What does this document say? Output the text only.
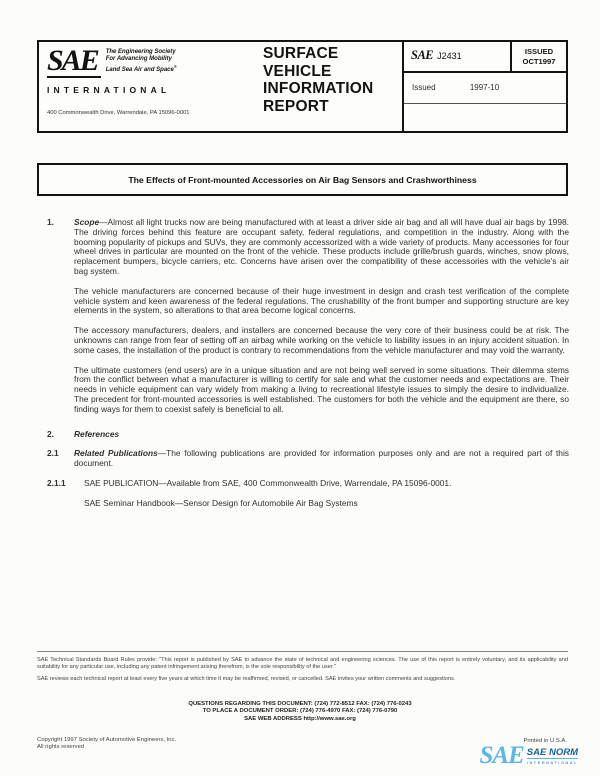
SAE	The Engineering Society
For Advancing Mobility
Land Sea Air and Space®
INTERNATIONAL
400 Commonwealth Drive, Warrendale, PA 15096-0001
SURFACE
VEHICLE
INFORMATION
REPORT
SAE J2431	ISSUED
OCT1997
Issued	1997-10
The Effects of Front-mounted Accessories on Air Bag Sensors and Crashworthiness
1. Scope—Almost all light trucks now are being manufactured with at least a driver side air bag and all will have dual air bags by 1998. The driving forces behind this feature are occupant safety, federal regulations, and competition in the industry. Along with the booming popularity of pickups and SUVs, they are commonly accessorized with a wide variety of products. Many accessories for four wheel drives in particular are mounted on the front of the vehicle. These products include grille/brush guards, winches, snow plows, replacement bumpers, bicycle carriers, etc. Concerns have arisen over the compatibility of these accessories with the vehicle's air bag system.
The vehicle manufacturers are concerned because of their huge investment in design and crash test verification of the complete vehicle system and keen awareness of the federal regulations. The crushability of the front bumper and supporting structure are key elements in the system, so alterations to that area become logical concerns.
The accessory manufacturers, dealers, and installers are concerned because the very core of their business could be at risk. The unknowns can range from fear of setting off an airbag while working on the vehicle to liability issues in an injury accident situation. In some cases, the installation of the product is contrary to recommendations from the vehicle manufacturer and may void the warranty.
The ultimate customers (end users) are in a unique situation and are not being well served in some situations. Their dilemma stems from the conflict between what a manufacturer is willing to certify for sale and what the customer needs and expectations are. Their needs in vehicle equipment can vary widely from making a living to recreational lifestyle issues to simply the desire to individualize. The precedent for front-mounted accessories is well established. The customers for both the vehicle and the equipment are there, so finding ways for them to coexist safely is beneficial to all.
2. References
2.1 Related Publications—The following publications are provided for information purposes only and are not a required part of this document.
2.1.1 SAE PUBLICATION—Available from SAE, 400 Commonwealth Drive, Warrendale, PA 15096-0001.
SAE Seminar Handbook—Sensor Design for Automobile Air Bag Systems

SAE Technical Standards Board Rules provide: "This report is published by SAE to advance the state of technical and engineering sciences. The use of this report is entirely voluntary, and its applicability and suitability for any particular use, including any patent infringement arising therefrom, is the sole responsibility of the user."

SAE reviews each technical report at least every five years at which time it may be reaffirmed, revised, or cancelled. SAE invites your written comments and suggestions.

QUESTIONS REGARDING THIS DOCUMENT: (724) 772-8512 FAX: (724) 776-0243
TO PLACE A DOCUMENT ORDER: (724) 776-4970 FAX: (724) 776-0790
SAE WEB ADDRESS http://www.sae.org
Copyright 1997 Society of Automotive Engineers, Inc.
All rights reserved
Printed in U.S.A.
SAE SAE NORM
INTERNATIONAL
